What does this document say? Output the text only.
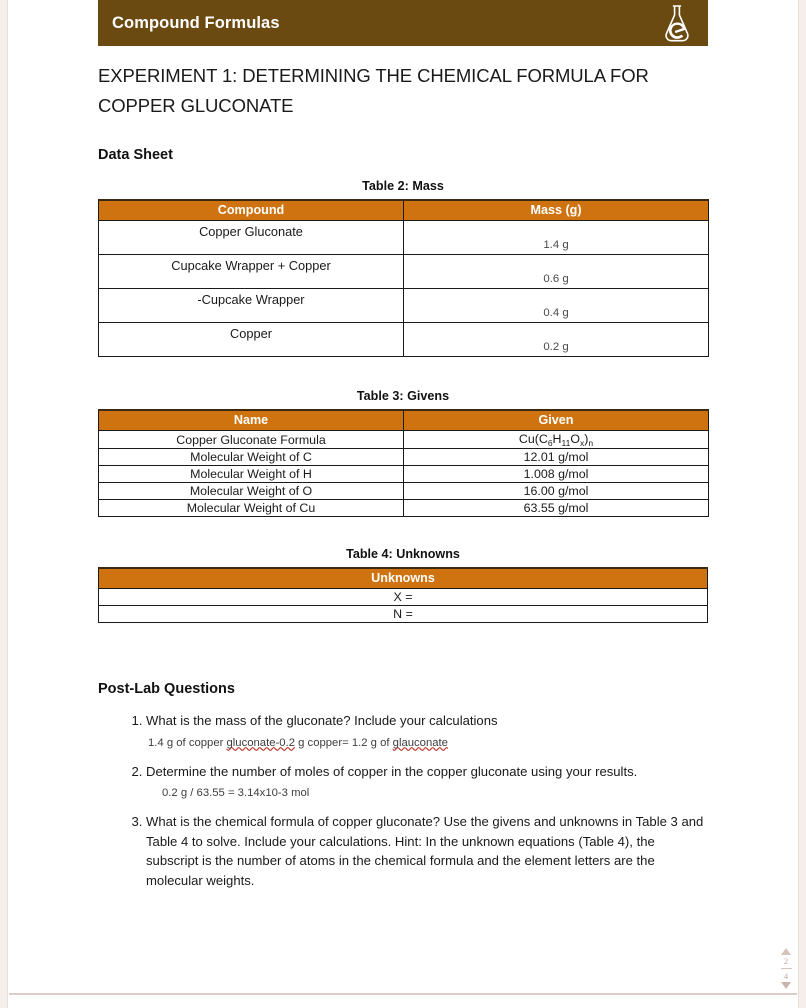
Compound Formulas
EXPERIMENT 1: DETERMINING THE CHEMICAL FORMULA FOR COPPER GLUCONATE
Data Sheet
Table 2: Mass
Compound	Mass (g)
Copper Gluconate	1.4 g
Cupcake Wrapper + Copper	0.6 g
-Cupcake Wrapper	0.4 g
Copper	0.2 g
Table 3: Givens
Name	Given
Copper Gluconate Formula	$Cu(C_6H_{11}O_x)_n$
Molecular Weight of C	12.01 g/mol
Molecular Weight of H	1.008 g/mol
Molecular Weight of O	16.00 g/mol
Molecular Weight of Cu	63.55 g/mol
Table 4: Unknowns
Unknowns
X =
N =
Post-Lab Questions
1. What is the mass of the gluconate? Include your calculations
1.4 g of copper gluconate-0.2 g copper= 1.2 g of glauconate
2. Determine the number of moles of copper in the copper gluconate using your results.
0.2 g / 63.55 = 3.14x10-3 mol
3. What is the chemical formula of copper gluconate? Use the givens and unknowns in Table 3 and Table 4 to solve. Include your calculations. Hint: In the unknown equations (Table 4), the subscript is the number of atoms in the chemical formula and the element letters are the molecular weights.
2
4
